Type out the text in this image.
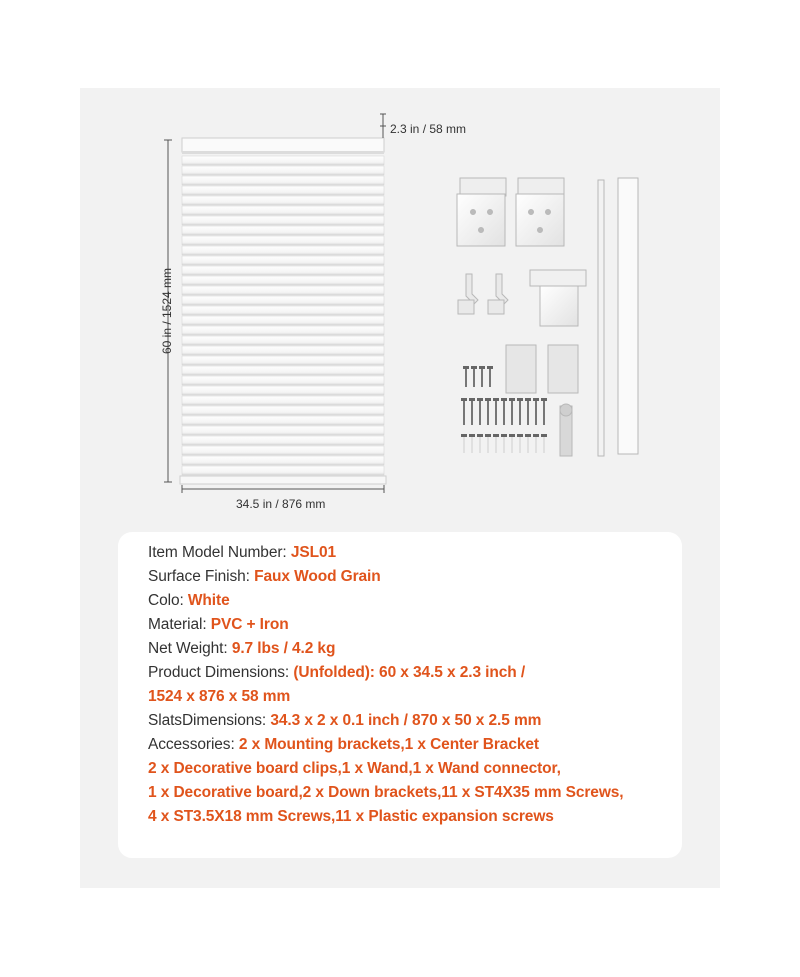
2.3 in / 58 mm
60 in / 1524 mm
34.5 in / 876 mm
Item Model Number: JSL01
Surface Finish: Faux Wood Grain
Colo: White
Material: PVC + Iron
Net Weight: 9.7 lbs / 4.2 kg
Product Dimensions: (Unfolded): 60 x 34.5 x 2.3 inch /
1524 x 876 x 58 mm
SlatsDimensions: 34.3 x 2 x 0.1 inch / 870 x 50 x 2.5 mm
Accessories: 2 x Mounting brackets,1 x Center Bracket
2 x Decorative board clips,1 x Wand,1 x Wand connector,
1 x Decorative board,2 x Down brackets,11 x ST4X35 mm Screws,
4 x ST3.5X18 mm Screws,11 x Plastic expansion screws
